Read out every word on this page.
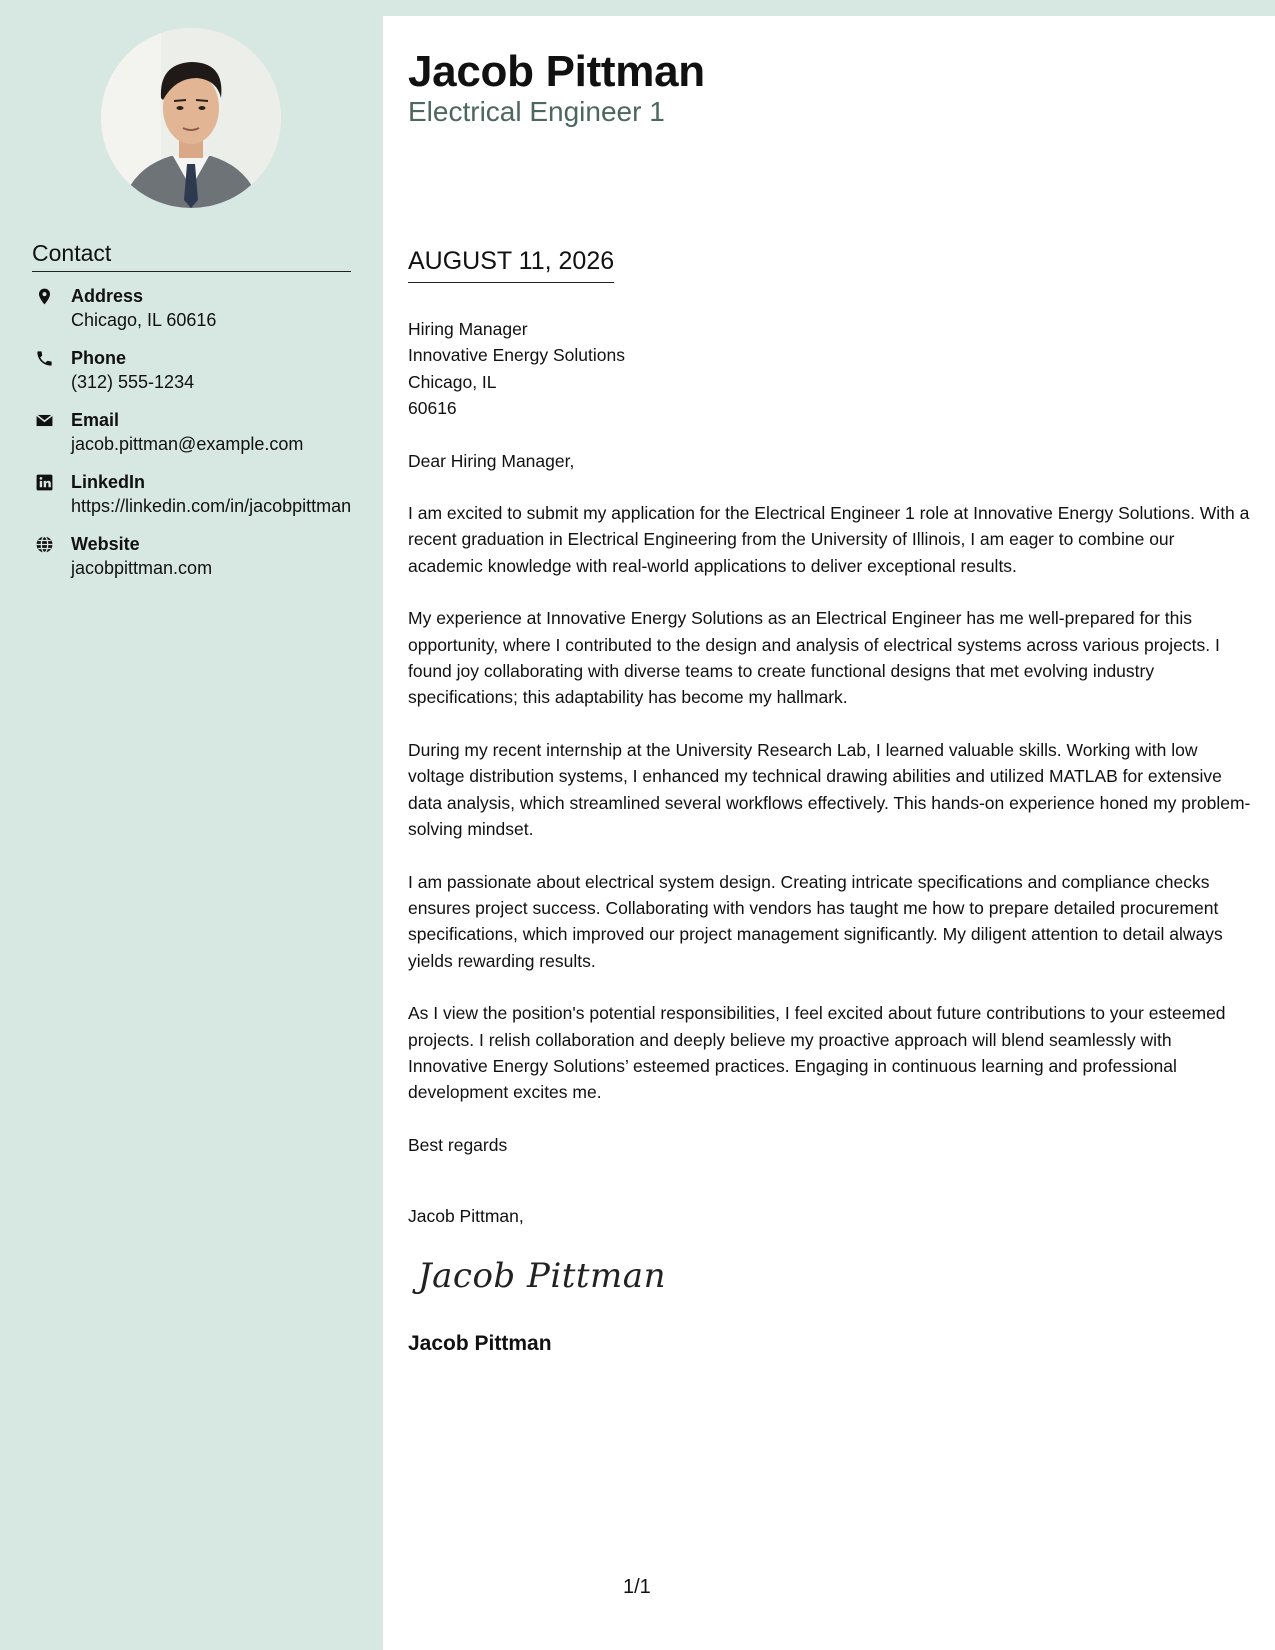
Contact
Address
Chicago, IL 60616
Phone
(312) 555-1234
Email
jacob.pittman@example.com
LinkedIn
https://linkedin.com/in/jacobpittman
Website
jacobpittman.com
Jacob Pittman
Electrical Engineer 1
AUGUST 11, 2026
Hiring Manager
Innovative Energy Solutions
Chicago, IL
60616
Dear Hiring Manager,
I am excited to submit my application for the Electrical Engineer 1 role at Innovative Energy Solutions. With a recent graduation in Electrical Engineering from the University of Illinois, I am eager to combine our academic knowledge with real-world applications to deliver exceptional results.
My experience at Innovative Energy Solutions as an Electrical Engineer has me well-prepared for this opportunity, where I contributed to the design and analysis of electrical systems across various projects. I found joy collaborating with diverse teams to create functional designs that met evolving industry specifications; this adaptability has become my hallmark.
During my recent internship at the University Research Lab, I learned valuable skills. Working with low voltage distribution systems, I enhanced my technical drawing abilities and utilized MATLAB for extensive data analysis, which streamlined several workflows effectively. This hands-on experience honed my problem-solving mindset.
I am passionate about electrical system design. Creating intricate specifications and compliance checks ensures project success. Collaborating with vendors has taught me how to prepare detailed procurement specifications, which improved our project management significantly. My diligent attention to detail always yields rewarding results.
As I view the position's potential responsibilities, I feel excited about future contributions to your esteemed projects. I relish collaboration and deeply believe my proactive approach will blend seamlessly with Innovative Energy Solutions’ esteemed practices. Engaging in continuous learning and professional development excites me.
Best regards
Jacob Pittman,
Jacob Pittman
Jacob Pittman
1/1
